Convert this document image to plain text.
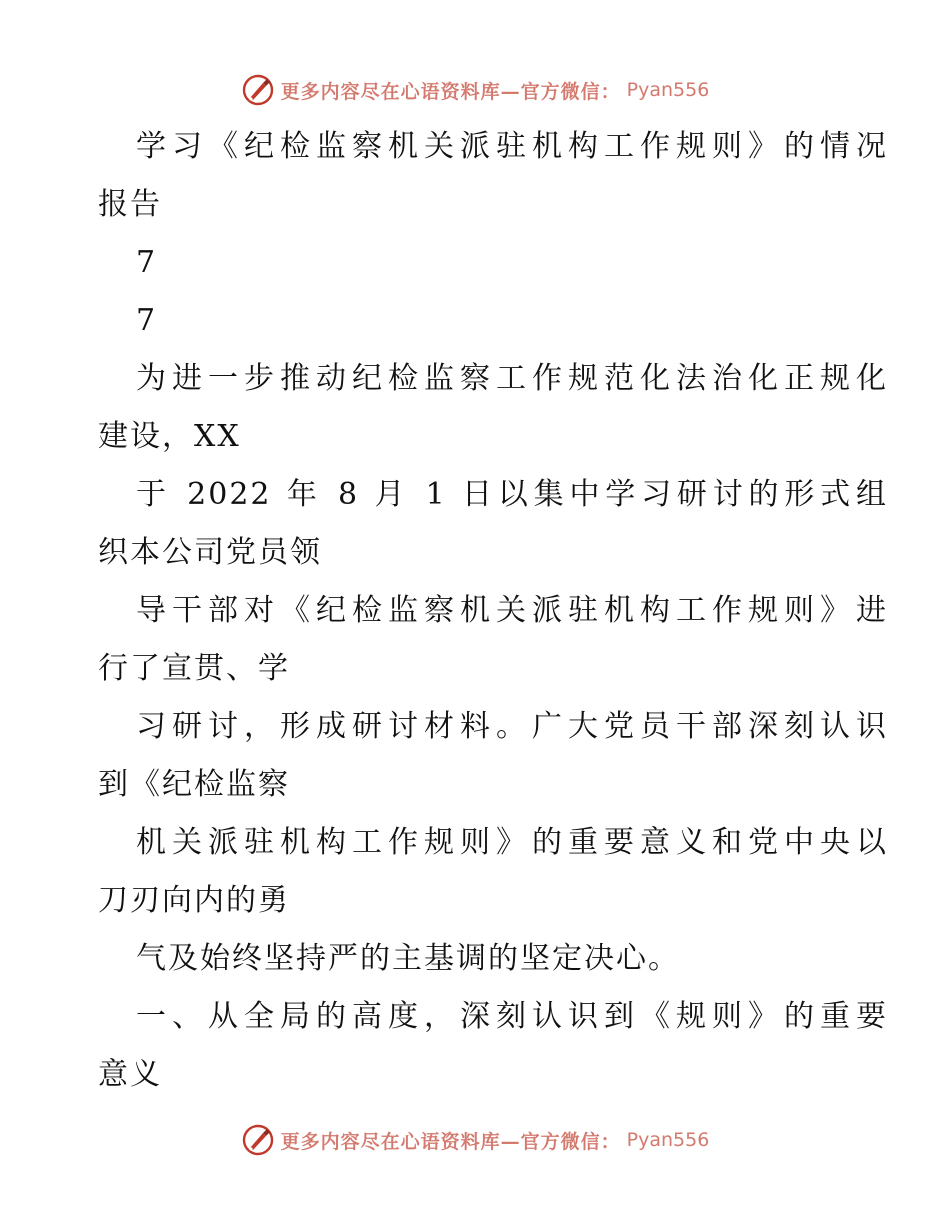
更多内容尽在心语资料库—官方微信： Pyan556
学习《纪检监察机关派驻机构工作规则》的情况
报告
7
7
为进一步推动纪检监察工作规范化法治化正规化
建设，XX
于 2022 年 8 月 1 日以集中学习研讨的形式组
织本公司党员领
导干部对《纪检监察机关派驻机构工作规则》进
行了宣贯、学
习研讨，形成研讨材料。广大党员干部深刻认识
到《纪检监察
机关派驻机构工作规则》的重要意义和党中央以
刀刃向内的勇
气及始终坚持严的主基调的坚定决心。
一、从全局的高度，深刻认识到《规则》的重要
意义
更多内容尽在心语资料库—官方微信： Pyan556
